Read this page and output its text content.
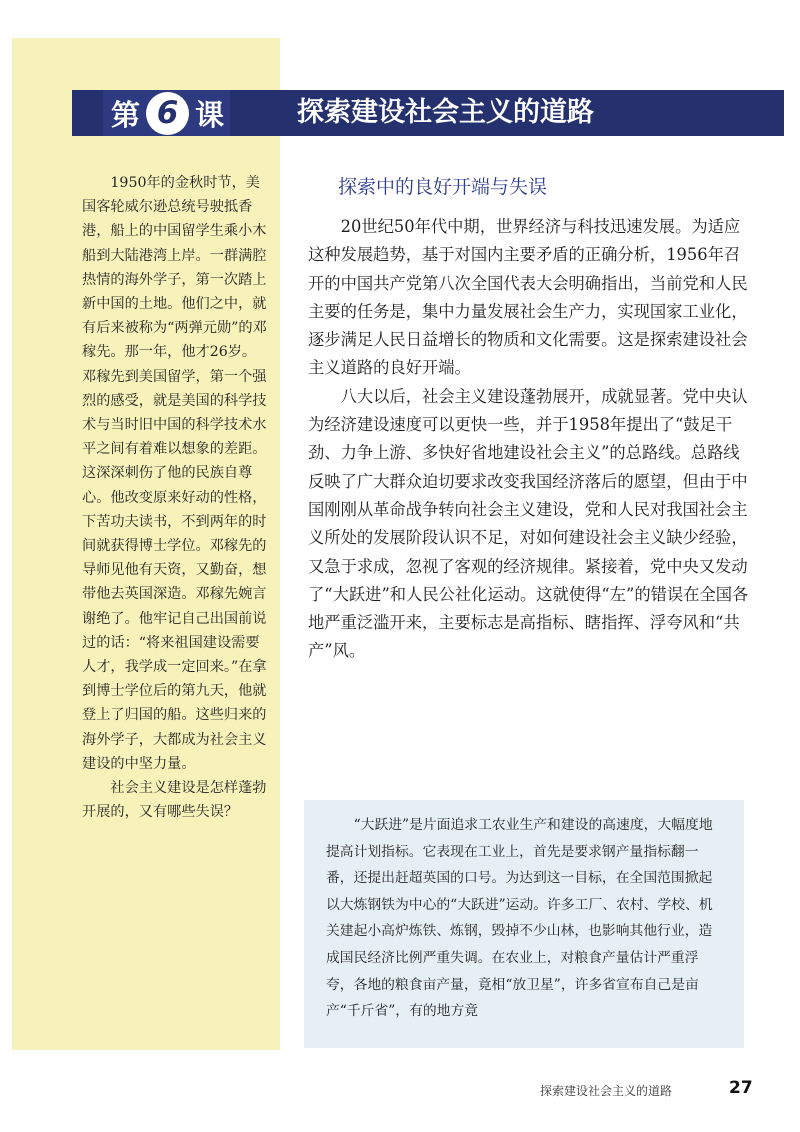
第 6 课	探索建设社会主义的道路

1950年的金秋时节，美国客轮威尔逊总统号驶抵香港，船上的中国留学生乘小木船到大陆港湾上岸。一群满腔热情的海外学子，第一次踏上新中国的土地。他们之中，就有后来被称为“两弹元勋”的邓稼先。那一年，他才26岁。邓稼先到美国留学，第一个强烈的感受，就是美国的科学技术与当时旧中国的科学技术水平之间有着难以想象的差距。这深深刺伤了他的民族自尊心。他改变原来好动的性格，下苦功夫读书，不到两年的时间就获得博士学位。邓稼先的导师见他有天资，又勤奋，想带他去英国深造。邓稼先婉言谢绝了。他牢记自己出国前说过的话：“将来祖国建设需要人才，我学成一定回来。”在拿到博士学位后的第九天，他就登上了归国的船。这些归来的海外学子，大都成为社会主义建设的中坚力量。

社会主义建设是怎样蓬勃开展的，又有哪些失误？

探索中的良好开端与失误

20世纪50年代中期，世界经济与科技迅速发展。为适应这种发展趋势，基于对国内主要矛盾的正确分析，1956年召开的中国共产党第八次全国代表大会明确指出，当前党和人民主要的任务是，集中力量发展社会生产力，实现国家工业化，逐步满足人民日益增长的物质和文化需要。这是探索建设社会主义道路的良好开端。

八大以后，社会主义建设蓬勃展开，成就显著。党中央认为经济建设速度可以更快一些，并于1958年提出了“鼓足干劲、力争上游、多快好省地建设社会主义”的总路线。总路线反映了广大群众迫切要求改变我国经济落后的愿望，但由于中国刚刚从革命战争转向社会主义建设，党和人民对我国社会主义所处的发展阶段认识不足，对如何建设社会主义缺少经验，又急于求成，忽视了客观的经济规律。紧接着，党中央又发动了“大跃进”和人民公社化运动。这就使得“左”的错误在全国各地严重泛滥开来，主要标志是高指标、瞎指挥、浮夸风和“共产”风。

“大跃进”是片面追求工农业生产和建设的高速度，大幅度地提高计划指标。它表现在工业上，首先是要求钢产量指标翻一番，还提出赶超英国的口号。为达到这一目标，在全国范围掀起以大炼钢铁为中心的“大跃进”运动。许多工厂、农村、学校、机关建起小高炉炼铁、炼钢，毁掉不少山林，也影响其他行业，造成国民经济比例严重失调。在农业上，对粮食产量估计严重浮夸，各地的粮食亩产量，竟相“放卫星”，许多省宣布自己是亩产“千斤省”，有的地方竟

探索建设社会主义的道路	27
